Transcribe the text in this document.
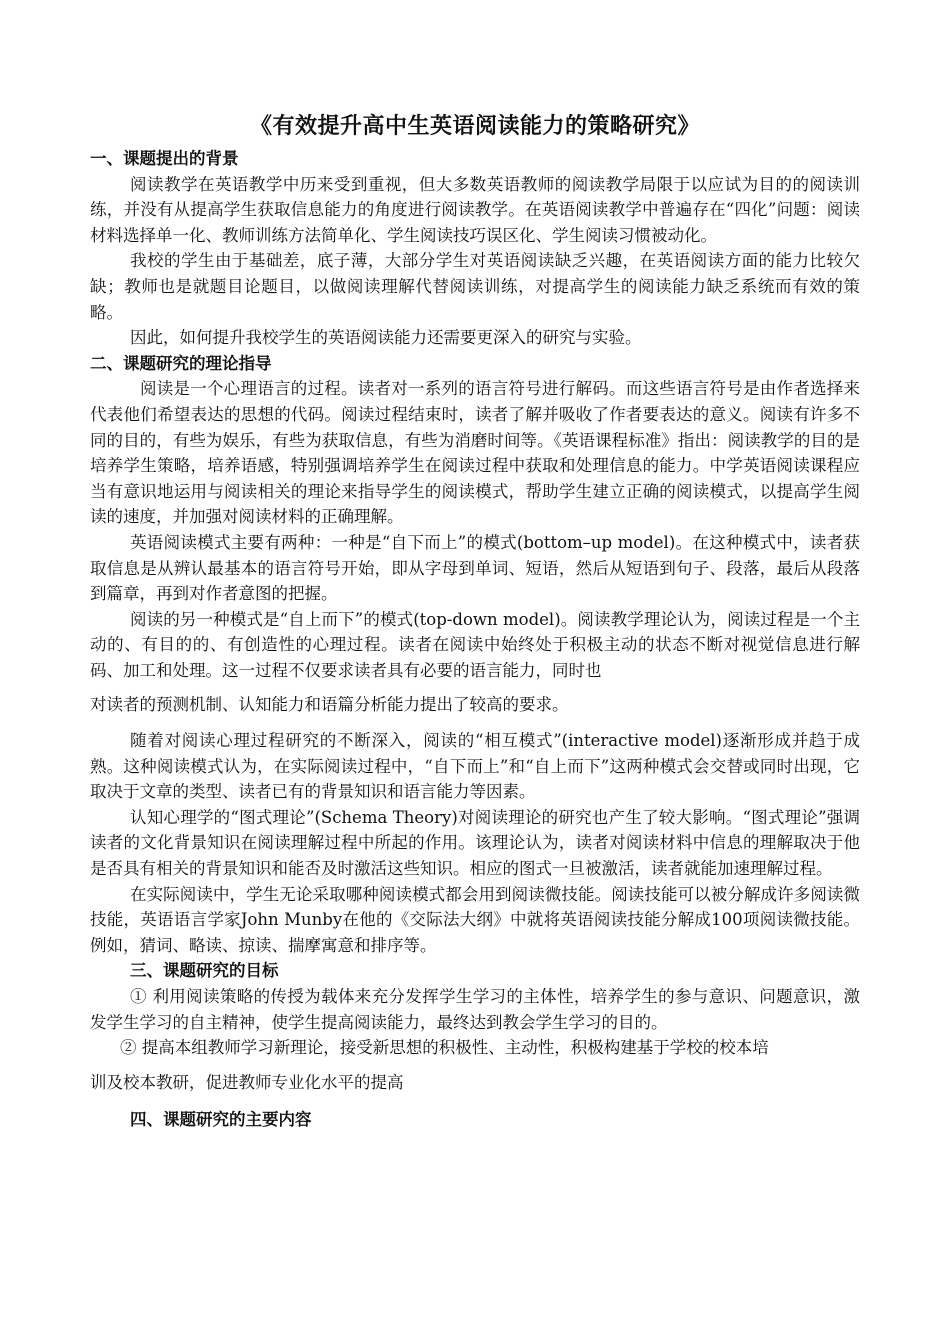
《有效提升高中生英语阅读能力的策略研究》
一、课题提出的背景

阅读教学在英语教学中历来受到重视，但大多数英语教师的阅读教学局限于以应试为目的的阅读训练，并没有从提高学生获取信息能力的角度进行阅读教学。在英语阅读教学中普遍存在“四化”问题：阅读材料选择单一化、教师训练方法简单化、学生阅读技巧误区化、学生阅读习惯被动化。

我校的学生由于基础差，底子薄，大部分学生对英语阅读缺乏兴趣，在英语阅读方面的能力比较欠缺；教师也是就题目论题目，以做阅读理解代替阅读训练，对提高学生的阅读能力缺乏系统而有效的策略。

因此，如何提升我校学生的英语阅读能力还需要更深入的研究与实验。

二、课题研究的理论指导

阅读是一个心理语言的过程。读者对一系列的语言符号进行解码。而这些语言符号是由作者选择来代表他们希望表达的思想的代码。阅读过程结束时，读者了解并吸收了作者要表达的意义。阅读有许多不同的目的，有些为娱乐，有些为获取信息，有些为消磨时间等。《英语课程标准》指出：阅读教学的目的是培养学生策略，培养语感，特别强调培养学生在阅读过程中获取和处理信息的能力。中学英语阅读课程应当有意识地运用与阅读相关的理论来指导学生的阅读模式，帮助学生建立正确的阅读模式，以提高学生阅读的速度，并加强对阅读材料的正确理解。

英语阅读模式主要有两种：一种是“自下而上”的模式(bottom–up model)。在这种模式中，读者获取信息是从辨认最基本的语言符号开始，即从字母到单词、短语，然后从短语到句子、段落，最后从段落到篇章，再到对作者意图的把握。

阅读的另一种模式是“自上而下”的模式(top-down model)。阅读教学理论认为，阅读过程是一个主动的、有目的的、有创造性的心理过程。读者在阅读中始终处于积极主动的状态不断对视觉信息进行解码、加工和处理。这一过程不仅要求读者具有必要的语言能力，同时也

对读者的预测机制、认知能力和语篇分析能力提出了较高的要求。

随着对阅读心理过程研究的不断深入，阅读的“相互模式”(interactive model)逐渐形成并趋于成熟。这种阅读模式认为，在实际阅读过程中，“自下而上”和“自上而下”这两种模式会交替或同时出现，它取决于文章的类型、读者已有的背景知识和语言能力等因素。

认知心理学的“图式理论”(Schema Theory)对阅读理论的研究也产生了较大影响。“图式理论”强调读者的文化背景知识在阅读理解过程中所起的作用。该理论认为，读者对阅读材料中信息的理解取决于他是否具有相关的背景知识和能否及时激活这些知识。相应的图式一旦被激活，读者就能加速理解过程。

在实际阅读中，学生无论采取哪种阅读模式都会用到阅读微技能。阅读技能可以被分解成许多阅读微技能，英语语言学家John Munby在他的《交际法大纲》中就将英语阅读技能分解成100项阅读微技能。例如，猜词、略读、掠读、揣摩寓意和排序等。

三、课题研究的目标

① 利用阅读策略的传授为载体来充分发挥学生学习的主体性，培养学生的参与意识、问题意识，激发学生学习的自主精神，使学生提高阅读能力，最终达到教会学生学习的目的。

② 提高本组教师学习新理论，接受新思想的积极性、主动性，积极构建基于学校的校本培

训及校本教研，促进教师专业化水平的提高

四、课题研究的主要内容
